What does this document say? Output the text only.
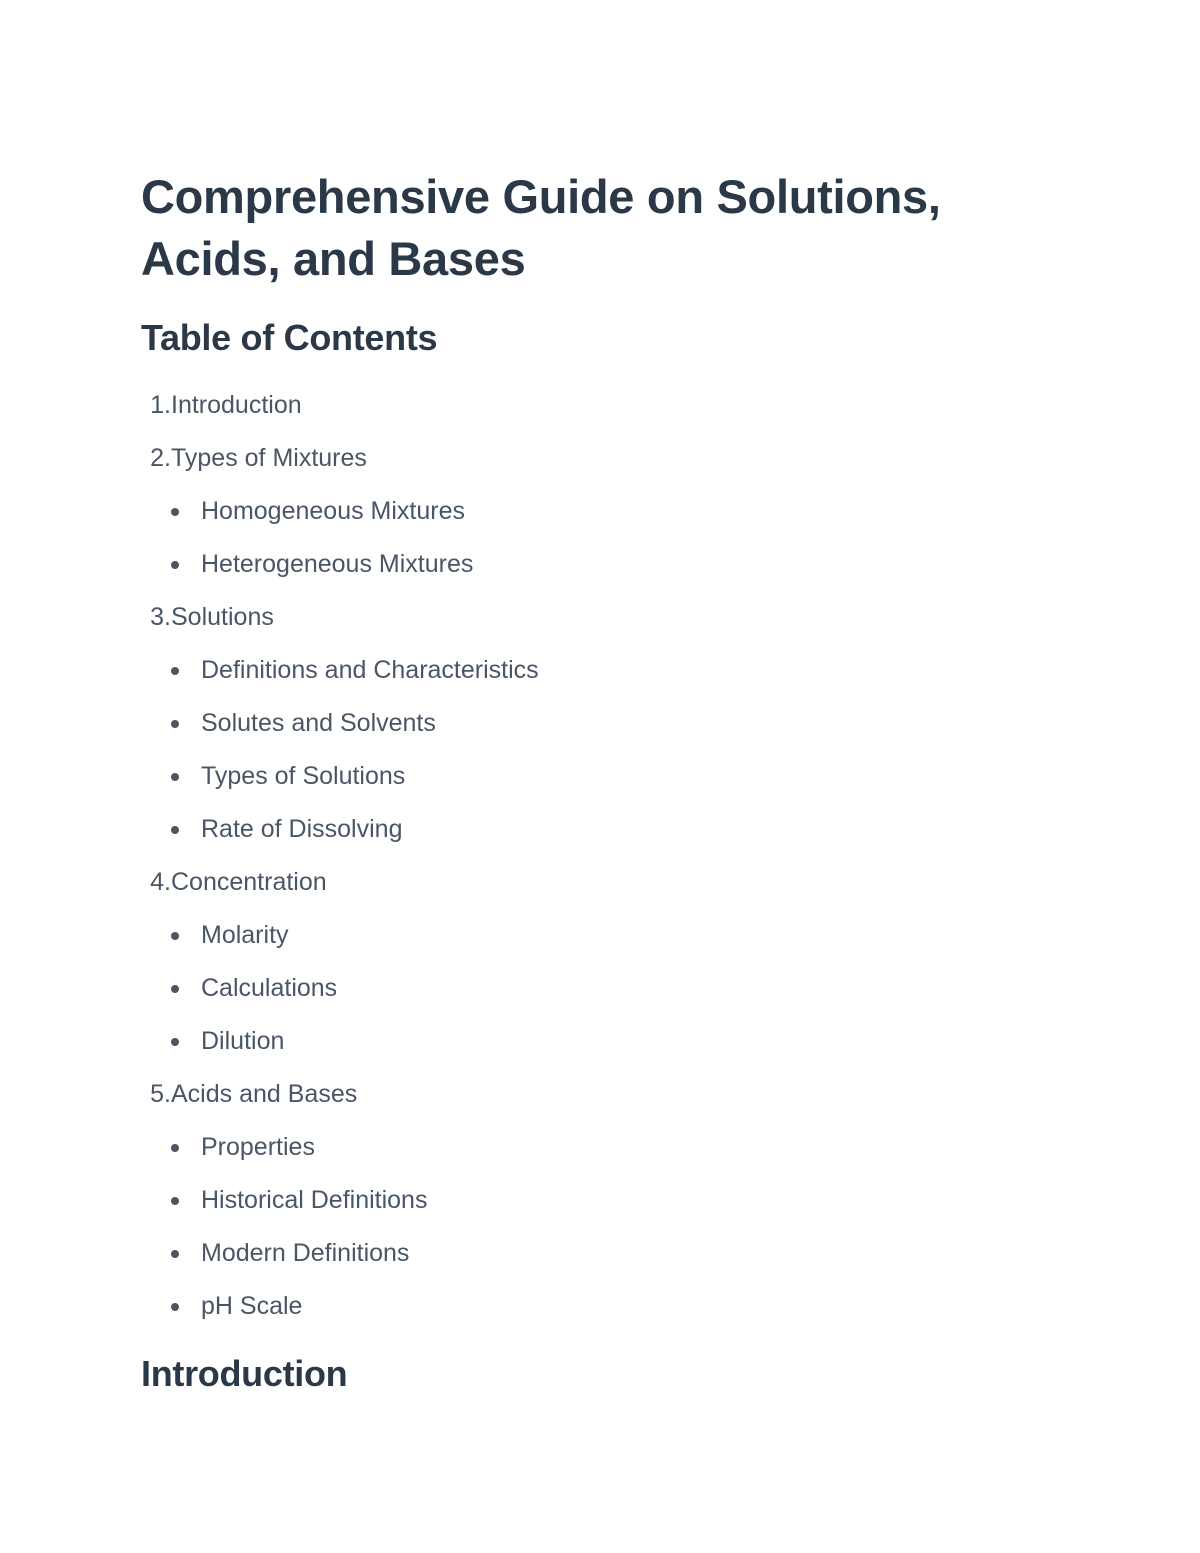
Comprehensive Guide on Solutions,
Acids, and Bases
Table of Contents
1. Introduction
2. Types of Mixtures
Homogeneous Mixtures
Heterogeneous Mixtures
3. Solutions
Definitions and Characteristics
Solutes and Solvents
Types of Solutions
Rate of Dissolving
4. Concentration
Molarity
Calculations
Dilution
5. Acids and Bases
Properties
Historical Definitions
Modern Definitions
pH Scale
Introduction
